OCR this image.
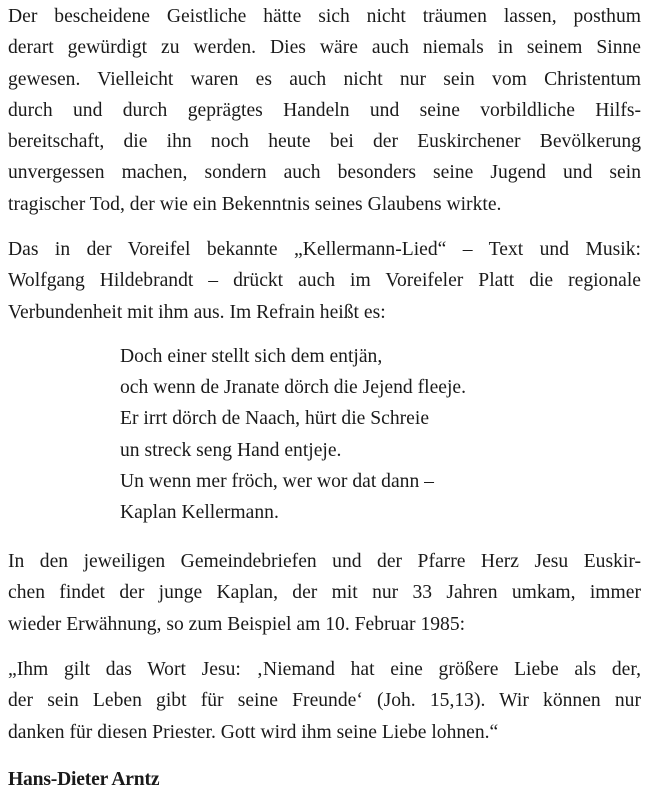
Der bescheidene Geistliche hätte sich nicht träumen lassen, posthum
derart gewürdigt zu werden. Dies wäre auch niemals in seinem Sinne
gewesen. Vielleicht waren es auch nicht nur sein vom Christentum
durch und durch geprägtes Handeln und seine vorbildliche Hilfs-
bereitschaft, die ihn noch heute bei der Euskirchener Bevölkerung
unvergessen machen, sondern auch besonders seine Jugend und sein
tragischer Tod, der wie ein Bekenntnis seines Glaubens wirkte.

Das in der Voreifel bekannte „Kellermann-Lied“ – Text und Musik:
Wolfgang Hildebrandt – drückt auch im Voreifeler Platt die regionale
Verbundenheit mit ihm aus. Im Refrain heißt es:

Doch einer stellt sich dem entjän,
och wenn de Jranate dörch die Jejend fleeje.
Er irrt dörch de Naach, hürt die Schreie
un streck seng Hand entjeje.
Un wenn mer fröch, wer wor dat dann –
Kaplan Kellermann.

In den jeweiligen Gemeindebriefen und der Pfarre Herz Jesu Euskir-
chen findet der junge Kaplan, der mit nur 33 Jahren umkam, immer
wieder Erwähnung, so zum Beispiel am 10. Februar 1985:

„Ihm gilt das Wort Jesu: ‚Niemand hat eine größere Liebe als der,
der sein Leben gibt für seine Freunde‘ (Joh. 15,13). Wir können nur
danken für diesen Priester. Gott wird ihm seine Liebe lohnen.“

Hans-Dieter Arntz
